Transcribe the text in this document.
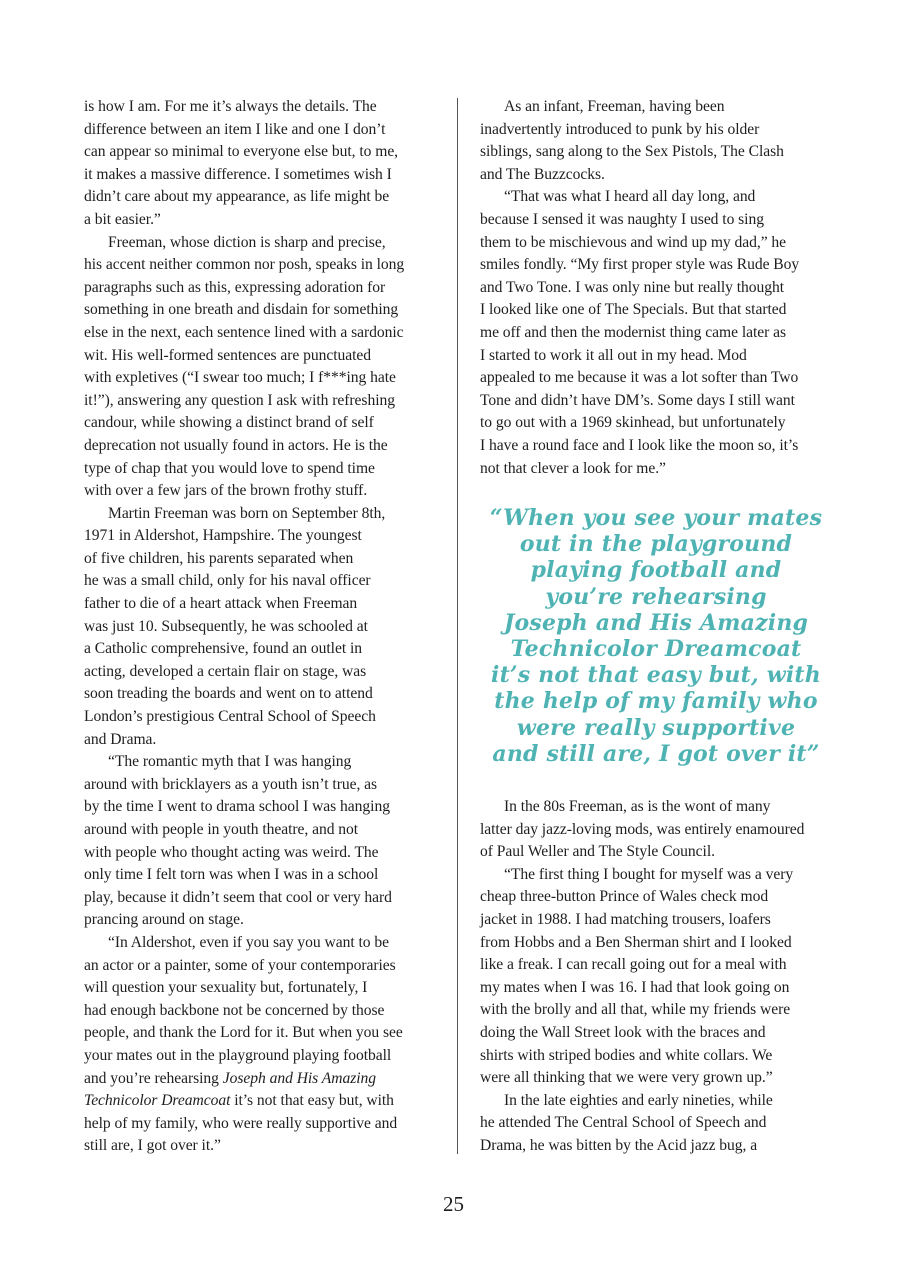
is how I am. For me it’s always the details. The
difference between an item I like and one I don’t
can appear so minimal to everyone else but, to me,
it makes a massive difference. I sometimes wish I
didn’t care about my appearance, as life might be
a bit easier.”
Freeman, whose diction is sharp and precise,
his accent neither common nor posh, speaks in long
paragraphs such as this, expressing adoration for
something in one breath and disdain for something
else in the next, each sentence lined with a sardonic
wit. His well-formed sentences are punctuated
with expletives (“I swear too much; I f***ing hate
it!”), answering any question I ask with refreshing
candour, while showing a distinct brand of self
deprecation not usually found in actors. He is the
type of chap that you would love to spend time
with over a few jars of the brown frothy stuff.
Martin Freeman was born on September 8th,
1971 in Aldershot, Hampshire. The youngest
of five children, his parents separated when
he was a small child, only for his naval officer
father to die of a heart attack when Freeman
was just 10. Subsequently, he was schooled at
a Catholic comprehensive, found an outlet in
acting, developed a certain flair on stage, was
soon treading the boards and went on to attend
London’s prestigious Central School of Speech
and Drama.
“The romantic myth that I was hanging
around with bricklayers as a youth isn’t true, as
by the time I went to drama school I was hanging
around with people in youth theatre, and not
with people who thought acting was weird. The
only time I felt torn was when I was in a school
play, because it didn’t seem that cool or very hard
prancing around on stage.
“In Aldershot, even if you say you want to be
an actor or a painter, some of your contemporaries
will question your sexuality but, fortunately, I
had enough backbone not be concerned by those
people, and thank the Lord for it. But when you see
your mates out in the playground playing football
and you’re rehearsing Joseph and His Amazing
Technicolor Dreamcoat it’s not that easy but, with
help of my family, who were really supportive and
still are, I got over it.”
As an infant, Freeman, having been
inadvertently introduced to punk by his older
siblings, sang along to the Sex Pistols, The Clash
and The Buzzcocks.
“That was what I heard all day long, and
because I sensed it was naughty I used to sing
them to be mischievous and wind up my dad,” he
smiles fondly. “My first proper style was Rude Boy
and Two Tone. I was only nine but really thought
I looked like one of The Specials. But that started
me off and then the modernist thing came later as
I started to work it all out in my head. Mod
appealed to me because it was a lot softer than Two
Tone and didn’t have DM’s. Some days I still want
to go out with a 1969 skinhead, but unfortunately
I have a round face and I look like the moon so, it’s
not that clever a look for me.”
“When you see your mates
out in the playground
playing football and
you’re rehearsing
Joseph and His Amazing
Technicolor Dreamcoat
it’s not that easy but, with
the help of my family who
were really supportive
and still are, I got over it”
In the 80s Freeman, as is the wont of many
latter day jazz-loving mods, was entirely enamoured
of Paul Weller and The Style Council.
“The first thing I bought for myself was a very
cheap three-button Prince of Wales check mod
jacket in 1988. I had matching trousers, loafers
from Hobbs and a Ben Sherman shirt and I looked
like a freak. I can recall going out for a meal with
my mates when I was 16. I had that look going on
with the brolly and all that, while my friends were
doing the Wall Street look with the braces and
shirts with striped bodies and white collars. We
were all thinking that we were very grown up.”
In the late eighties and early nineties, while
he attended The Central School of Speech and
Drama, he was bitten by the Acid jazz bug, a
25
